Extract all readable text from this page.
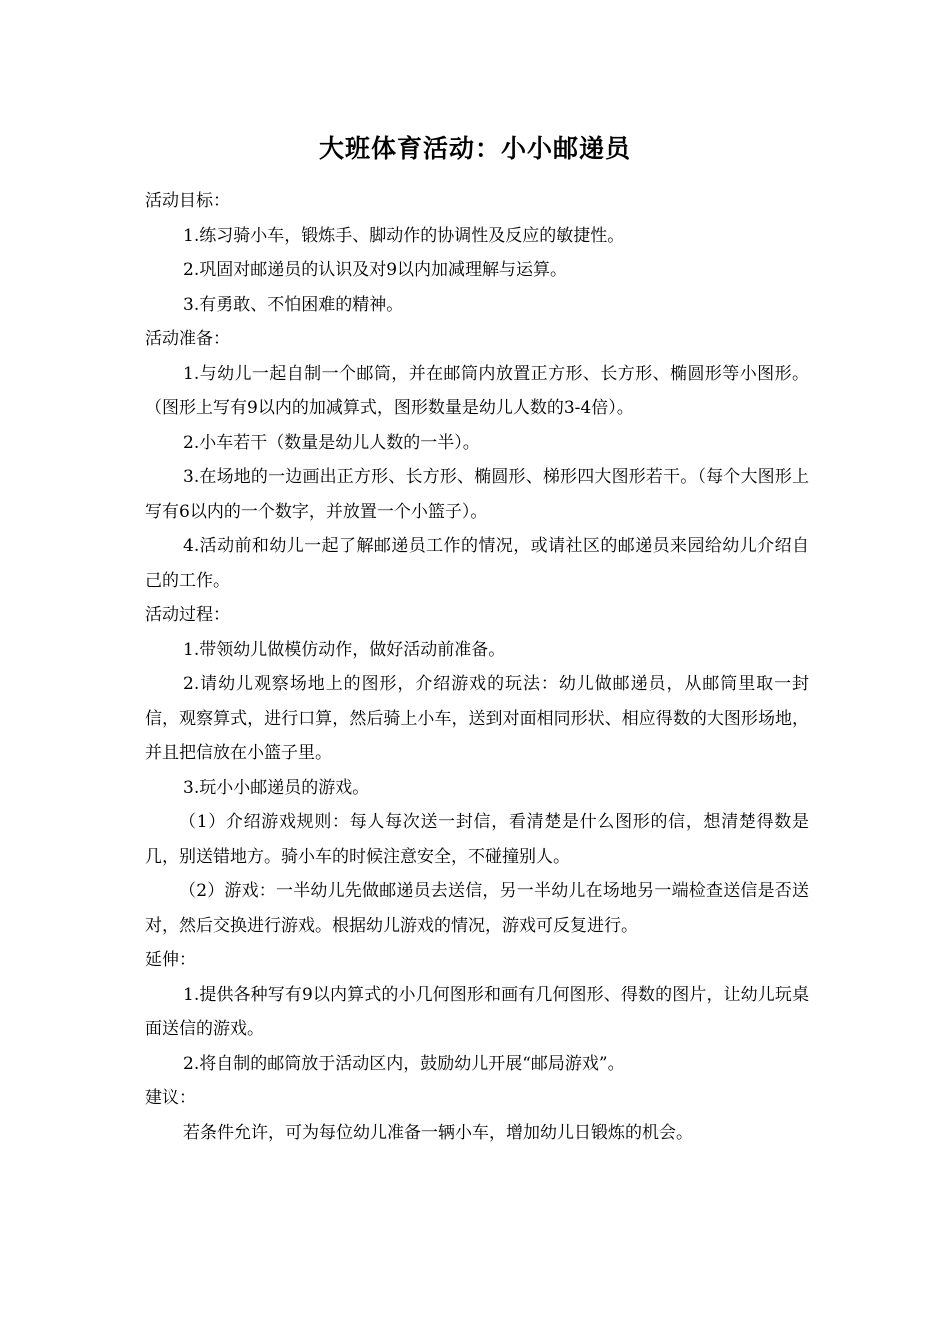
大班体育活动：小小邮递员

活动目标：

1.练习骑小车，锻炼手、脚动作的协调性及反应的敏捷性。

2.巩固对邮递员的认识及对9以内加减理解与运算。

3.有勇敢、不怕困难的精神。

活动准备：

1.与幼儿一起自制一个邮筒，并在邮筒内放置正方形、长方形、椭圆形等小图形。（图形上写有9以内的加减算式，图形数量是幼儿人数的3-4倍）。

2.小车若干（数量是幼儿人数的一半）。

3.在场地的一边画出正方形、长方形、椭圆形、梯形四大图形若干。（每个大图形上写有6以内的一个数字，并放置一个小篮子）。

4.活动前和幼儿一起了解邮递员工作的情况，或请社区的邮递员来园给幼儿介绍自己的工作。

活动过程：

1.带领幼儿做模仿动作，做好活动前准备。

2.请幼儿观察场地上的图形，介绍游戏的玩法：幼儿做邮递员，从邮筒里取一封信，观察算式，进行口算，然后骑上小车，送到对面相同形状、相应得数的大图形场地，并且把信放在小篮子里。

3.玩小小邮递员的游戏。

（1）介绍游戏规则：每人每次送一封信，看清楚是什么图形的信，想清楚得数是几，别送错地方。骑小车的时候注意安全，不碰撞别人。

（2）游戏：一半幼儿先做邮递员去送信，另一半幼儿在场地另一端检查送信是否送对，然后交换进行游戏。根据幼儿游戏的情况，游戏可反复进行。

延伸：

1.提供各种写有9以内算式的小几何图形和画有几何图形、得数的图片，让幼儿玩桌面送信的游戏。

2.将自制的邮筒放于活动区内，鼓励幼儿开展“邮局游戏”。

建议：

若条件允许，可为每位幼儿准备一辆小车，增加幼儿日锻炼的机会。
